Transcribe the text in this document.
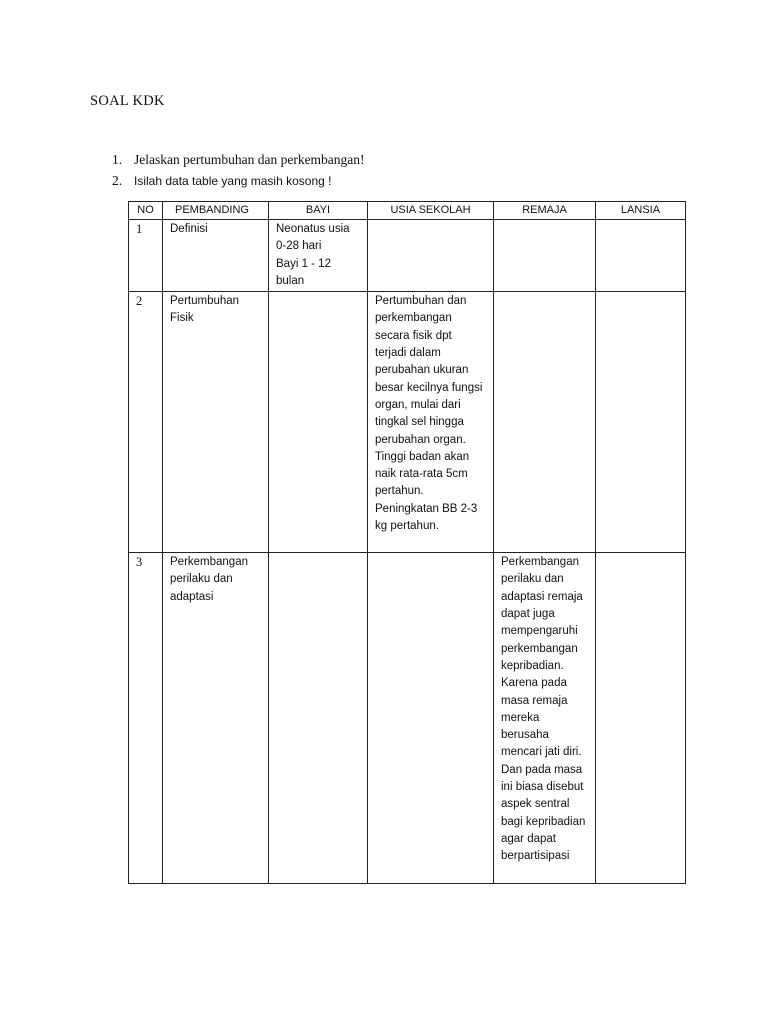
SOAL KDK
1. Jelaskan pertumbuhan dan perkembangan!
2. Isilah data table yang masih kosong !
NO	PEMBANDING	BAYI	USIA SEKOLAH	REMAJA	LANSIA
1	Definisi	Neonatus usia 0-28 hari
Bayi 1 - 12 bulan			
2	Pertumbuhan Fisik		Pertumbuhan dan perkembangan secara fisik dpt terjadi dalam perubahan ukuran besar kecilnya fungsi organ, mulai dari tingkal sel hingga perubahan organ.
Tinggi badan akan naik rata-rata 5cm pertahun.
Peningkatan BB 2-3 kg pertahun.		
3	Perkembangan perilaku dan adaptasi			Perkembangan perilaku dan adaptasi remaja dapat juga mempengaruhi perkembangan kepribadian. Karena pada masa remaja mereka berusaha mencari jati diri. Dan pada masa ini biasa disebut aspek sentral bagi kepribadian agar dapat berpartisipasi	
